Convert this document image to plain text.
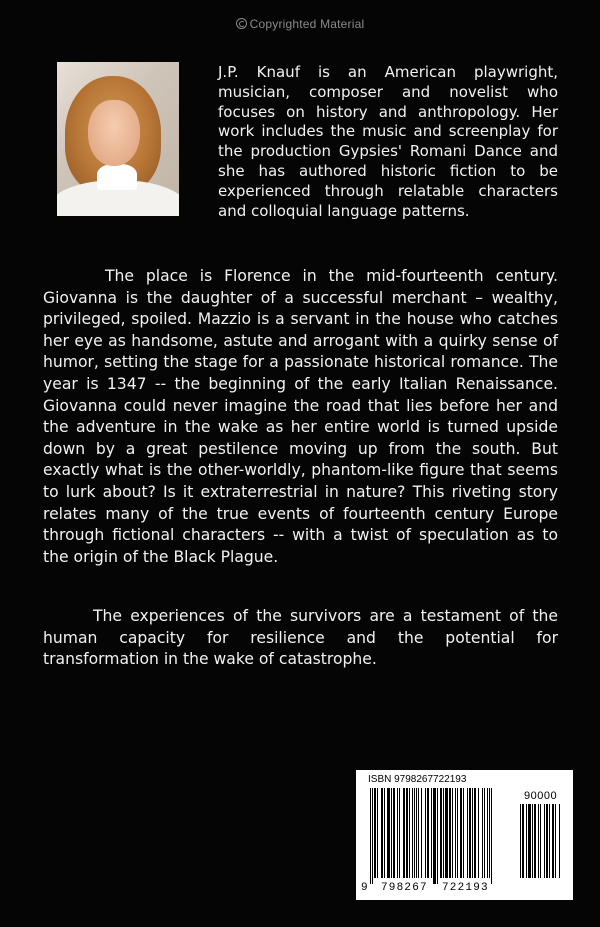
Copyrighted Material
J.P. Knauf is an American playwright, musician, composer and novelist who focuses on history and anthropology. Her work includes the music and screenplay for the production Gypsies' Romani Dance and she has authored historic fiction to be experienced through relatable characters and colloquial language patterns.
The place is Florence in the mid-fourteenth century. Giovanna is the daughter of a successful merchant – wealthy, privileged, spoiled. Mazzio is a servant in the house who catches her eye as handsome, astute and arrogant with a quirky sense of humor, setting the stage for a passionate historical romance. The year is 1347 -- the beginning of the early Italian Renaissance. Giovanna could never imagine the road that lies before her and the adventure in the wake as her entire world is turned upside down by a great pestilence moving up from the south. But exactly what is the other-worldly, phantom-like figure that seems to lurk about? Is it extraterrestrial in nature? This riveting story relates many of the true events of fourteenth century Europe through fictional characters -- with a twist of speculation as to the origin of the Black Plague.
The experiences of the survivors are a testament of the human capacity for resilience and the potential for transformation in the wake of catastrophe.
ISBN 9798267722193
90000
9 798267 722193
